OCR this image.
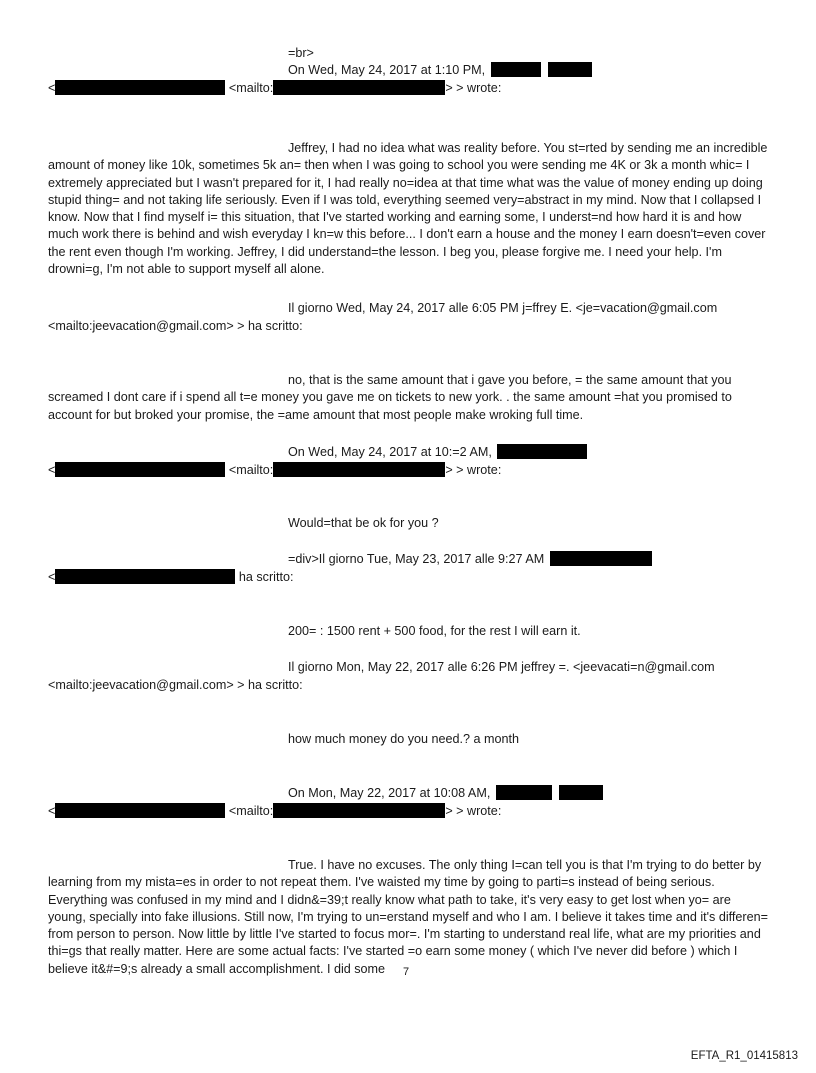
=br>
On Wed, May 24, 2017 at 1:10 PM,
<	<mailto:	> > wrote:

Jeffrey, I had no idea what was reality before. You st=rted by sending me an incredible amount of money like 10k, sometimes 5k an= then when I was going to school you were sending me 4K or 3k a month whic= I extremely appreciated but I wasn't prepared for it, I had really no=idea at that time what was the value of money ending up doing stupid thing= and not taking life seriously. Even if I was told, everything seemed very=abstract in my mind. Now that I collapsed I know. Now that I find myself i= this situation, that I've started working and earning some, I underst=nd how hard it is and how much work there is behind and wish everyday I kn=w this before... I don't earn a house and the money I earn doesn't=even cover the rent even though I'm working. Jeffrey, I did understand=the lesson. I beg you, please forgive me. I need your help. I'm drowni=g, I'm not able to support myself all alone.

Il giorno Wed, May 24, 2017 alle 6:05 PM j=ffrey E. <je=vacation@gmail.com
<mailto:jeevacation@gmail.com> > ha scritto:

no, that is the same amount that i gave you before, = the same amount that you screamed I dont care if i spend all t=e money you gave me on tickets to new york. . the same amount =hat you promised to account for but broked your promise, the =ame amount that most people make wroking full time.

On Wed, May 24, 2017 at 10:=2 AM,
<	<mailto:	> > wrote:
Would=that be ok for you ?
=div>Il giorno Tue, May 23, 2017 alle 9:27 AM
<	ha scritto:
200= : 1500 rent + 500 food, for the rest I will earn it.
Il giorno Mon, May 22, 2017 alle 6:26 PM jeffrey =. <jeevacati=n@gmail.com
<mailto:jeevacation@gmail.com> > ha scritto:
how much money do you need.? a month
On Mon, May 22, 2017 at 10:08 AM,
<	<mailto:	> > wrote:

True. I have no excuses. The only thing I=can tell you is that I'm trying to do better by learning from my mista=es in order to not repeat them. I've waisted my time by going to parti=s instead of being serious. Everything was confused in my mind and I didn&=39;t really know what path to take, it's very easy to get lost when yo= are young, specially into fake illusions. Still now, I'm trying to un=erstand myself and who I am. I believe it takes time and it's differen= from person to person. Now little by little I've started to focus mor=. I'm starting to understand real life, what are my priorities and thi=gs that really matter. Here are some actual facts: I've started =o earn some money ( which I've never did before ) which I believe it&#=9;s already a small accomplishment. I did some	7
EFTA_R1_01415813
